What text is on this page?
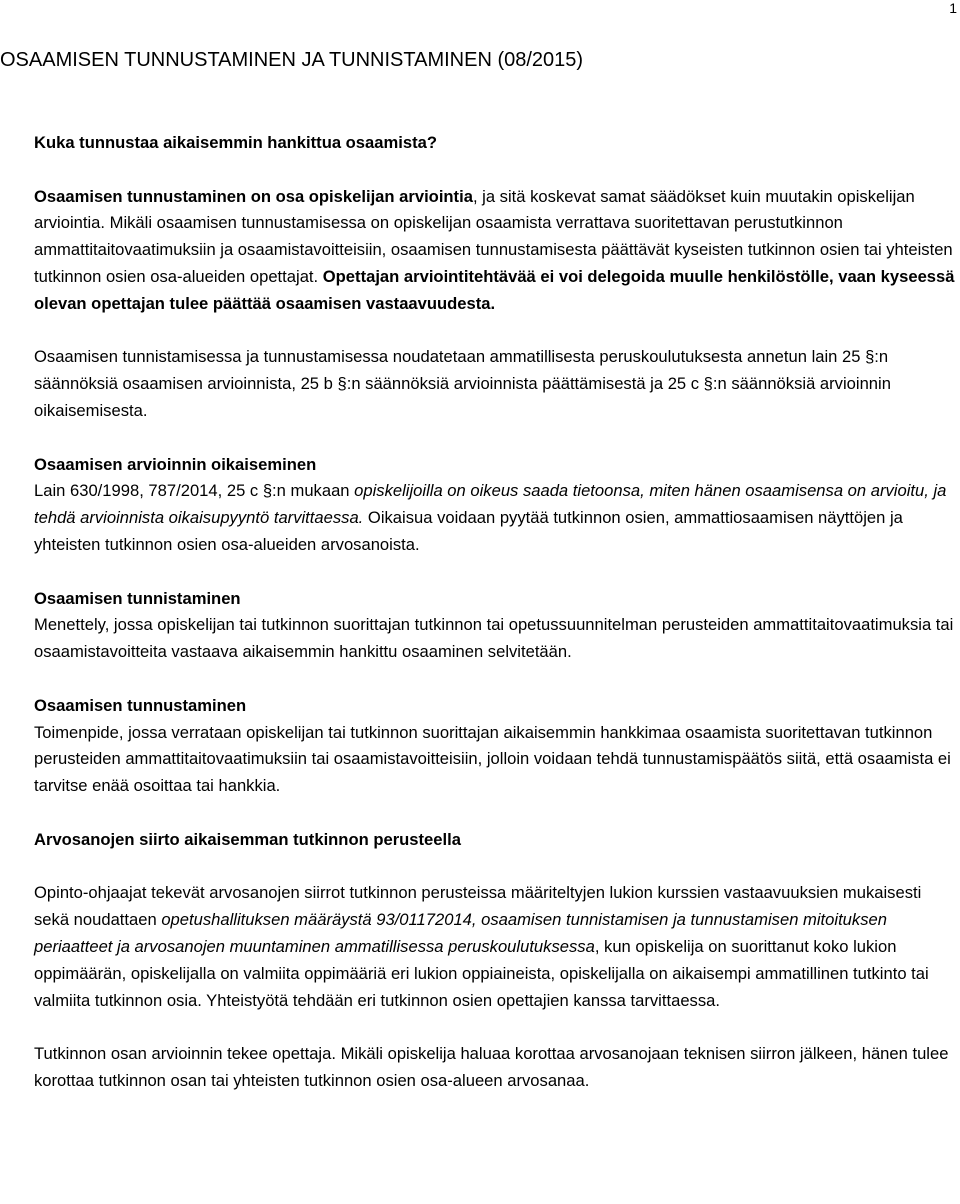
1
OSAAMISEN TUNNUSTAMINEN JA TUNNISTAMINEN (08/2015)

Kuka tunnustaa aikaisemmin hankittua osaamista?

Osaamisen tunnustaminen on osa opiskelijan arviointia, ja sitä koskevat samat säädökset kuin muutakin opiskelijan arviointia. Mikäli osaamisen tunnustamisessa on opiskelijan osaamista verrattava suoritettavan perustutkinnon ammattitaitovaatimuksiin ja osaamistavoitteisiin, osaamisen tunnustamisesta päättävät kyseisten tutkinnon osien tai yhteisten tutkinnon osien osa-alueiden opettajat. Opettajan arviointitehtävää ei voi delegoida muulle henkilöstölle, vaan kyseessä olevan opettajan tulee päättää osaamisen vastaavuudesta.

Osaamisen tunnistamisessa ja tunnustamisessa noudatetaan ammatillisesta peruskoulutuksesta annetun lain 25 §:n säännöksiä osaamisen arvioinnista, 25 b §:n säännöksiä arvioinnista päättämisestä ja 25 c §:n säännöksiä arvioinnin oikaisemisesta.

Osaamisen arvioinnin oikaiseminen

Lain 630/1998, 787/2014, 25 c §:n mukaan opiskelijoilla on oikeus saada tietoonsa, miten hänen osaamisensa on arvioitu, ja tehdä arvioinnista oikaisupyyntö tarvittaessa. Oikaisua voidaan pyytää tutkinnon osien, ammattiosaamisen näyttöjen ja yhteisten tutkinnon osien osa-alueiden arvosanoista.

Osaamisen tunnistaminen

Menettely, jossa opiskelijan tai tutkinnon suorittajan tutkinnon tai opetussuunnitelman perusteiden ammattitaitovaatimuksia tai osaamistavoitteita vastaava aikaisemmin hankittu osaaminen selvitetään.

Osaamisen tunnustaminen

Toimenpide, jossa verrataan opiskelijan tai tutkinnon suorittajan aikaisemmin hankkimaa osaamista suoritettavan tutkinnon perusteiden ammattitaitovaatimuksiin tai osaamistavoitteisiin, jolloin voidaan tehdä tunnustamispäätös siitä, että osaamista ei tarvitse enää osoittaa tai hankkia.

Arvosanojen siirto aikaisemman tutkinnon perusteella

Opinto-ohjaajat tekevät arvosanojen siirrot tutkinnon perusteissa määriteltyjen lukion kurssien vastaavuuksien mukaisesti sekä noudattaen opetushallituksen määräystä 93/01172014, osaamisen tunnistamisen ja tunnustamisen mitoituksen periaatteet ja arvosanojen muuntaminen ammatillisessa peruskoulutuksessa, kun opiskelija on suorittanut koko lukion oppimäärän, opiskelijalla on valmiita oppimääriä eri lukion oppiaineista, opiskelijalla on aikaisempi ammatillinen tutkinto tai valmiita tutkinnon osia. Yhteistyötä tehdään eri tutkinnon osien opettajien kanssa tarvittaessa.

Tutkinnon osan arvioinnin tekee opettaja. Mikäli opiskelija haluaa korottaa arvosanojaan teknisen siirron jälkeen, hänen tulee korottaa tutkinnon osan tai yhteisten tutkinnon osien osa-alueen arvosanaa.
